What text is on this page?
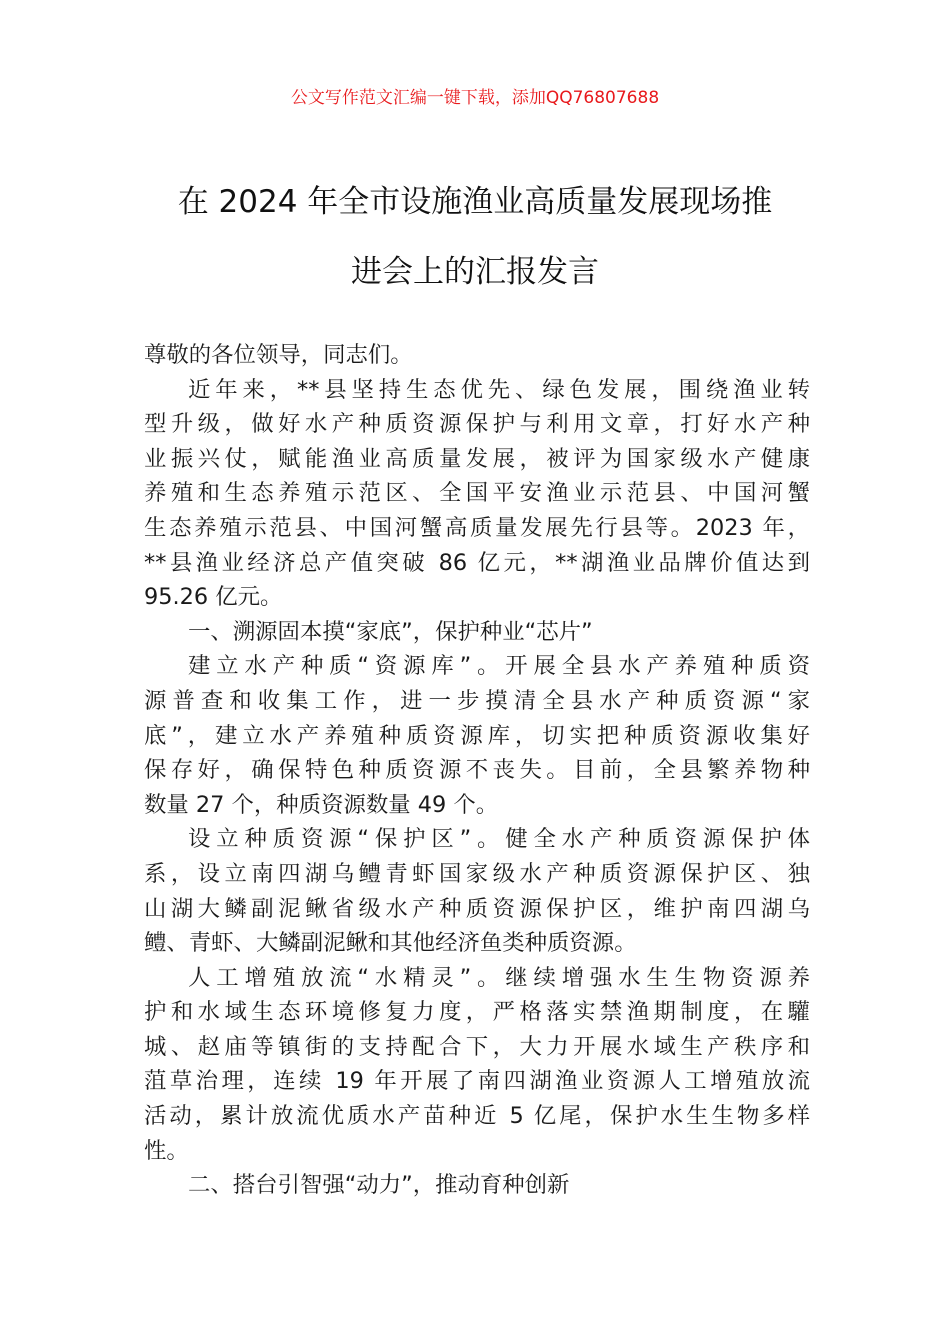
公文写作范文汇编一键下载，添加QQ76807688
在 2024 年全市设施渔业高质量发展现场推
进会上的汇报发言
尊敬的各位领导，同志们。
近年来，**县坚持生态优先、绿色发展，围绕渔业转
型升级，做好水产种质资源保护与利用文章，打好水产种
业振兴仗，赋能渔业高质量发展，被评为国家级水产健康
养殖和生态养殖示范区、全国平安渔业示范县、中国河蟹
生态养殖示范县、中国河蟹高质量发展先行县等。2023 年，
**县渔业经济总产值突破 86 亿元，**湖渔业品牌价值达到
95.26 亿元。
一、溯源固本摸“家底”，保护种业“芯片”
建立水产种质“资源库”。开展全县水产养殖种质资
源普查和收集工作，进一步摸清全县水产种质资源“家
底”，建立水产养殖种质资源库，切实把种质资源收集好
保存好，确保特色种质资源不丧失。目前，全县繁养物种
数量 27 个，种质资源数量 49 个。
设立种质资源“保护区”。健全水产种质资源保护体
系，设立南四湖乌鳢青虾国家级水产种质资源保护区、独
山湖大鳞副泥鳅省级水产种质资源保护区，维护南四湖乌
鳢、青虾、大鳞副泥鳅和其他经济鱼类种质资源。
人工增殖放流“水精灵”。继续增强水生生物资源养
护和水域生态环境修复力度，严格落实禁渔期制度，在驩
城、赵庙等镇街的支持配合下，大力开展水域生产秩序和
菹草治理，连续 19 年开展了南四湖渔业资源人工增殖放流
活动，累计放流优质水产苗种近 5 亿尾，保护水生生物多样
性。
二、搭台引智强“动力”，推动育种创新
